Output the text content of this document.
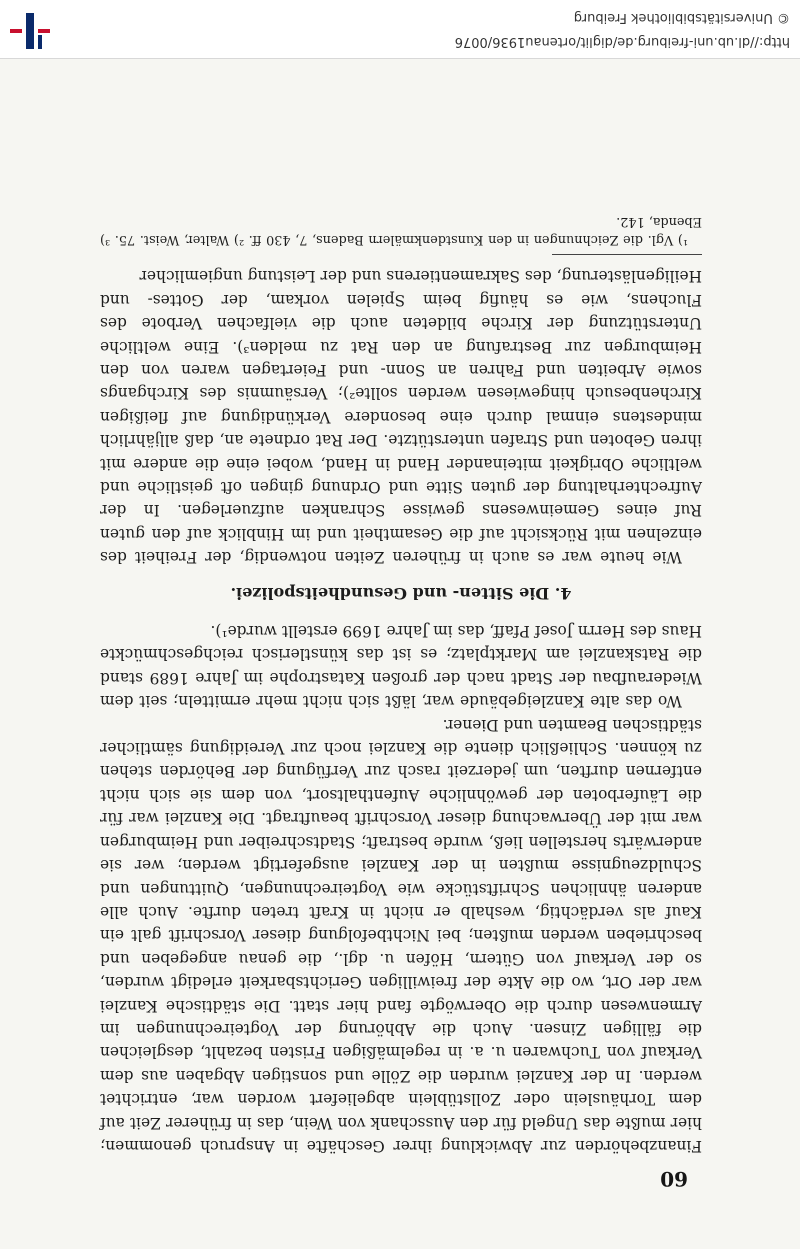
60

Finanzbehörden zur Abwicklung ihrer Geschäfte in Anspruch genommen; hier mußte das Ungeld für den Ausschank von Wein, das in früherer Zeit auf dem Torhäuslein oder Zollstüblein abgeliefert worden war, entrichtet werden. In der Kanzlei wurden die Zölle und sonstigen Abgaben aus dem Verkauf von Tuchwaren u. a. in regelmäßigen Fristen bezahlt, desgleichen die fälligen Zinsen. Auch die Abhörung der Vogteirechnungen im Armenwesen durch die Oberwögte fand hier statt. Die städtische Kanzlei war der Ort, wo die Akte der freiwilligen Gerichtsbarkeit erledigt wurden, so der Verkauf von Gütern, Höfen u. dgl., die genau angegeben und beschrieben werden mußten; bei Nichtbefolgung dieser Vorschrift galt ein Kauf als verdächtig, weshalb er nicht in Kraft treten durfte. Auch alle anderen ähnlichen Schriftstücke wie Vogteirechnungen, Quittungen und Schuldzeugnisse mußten in der Kanzlei ausgefertigt werden; wer sie anderwärts herstellen ließ, wurde bestraft; Stadtschreiber und Heimburgen war mit der Überwachung dieser Vorschrift beauftragt. Die Kanzlei war für die Läuferboten der gewöhnliche Aufenthaltsort, von dem sie sich nicht entfernen durften, um jederzeit rasch zur Verfügung der Behörden stehen zu können. Schließlich diente die Kanzlei noch zur Vereidigung sämtlicher städtischen Beamten und Diener.

Wo das alte Kanzleigebäude war, läßt sich nicht mehr ermitteln; seit dem Wiederaufbau der Stadt nach der großen Katastrophe im Jahre 1689 stand die Ratskanzlei am Marktplatz; es ist das künstlerisch reichgeschmückte Haus des Herrn Josef Pfaff, das im Jahre 1699 erstellt wurde¹).

4. Die Sitten- und Gesundheitspolizei.

Wie heute war es auch in früheren Zeiten notwendig, der Freiheit des einzelnen mit Rücksicht auf die Gesamtheit und im Hinblick auf den guten Ruf eines Gemeinwesens gewisse Schranken aufzuerlegen. In der Aufrechterhaltung der guten Sitte und Ordnung gingen oft geistliche und weltliche Obrigkeit miteinander Hand in Hand, wobei eine die andere mit ihren Geboten und Strafen unterstützte. Der Rat ordnete an, daß alljährlich mindestens einmal durch eine besondere Verkündigung auf fleißigen Kirchenbesuch hingewiesen werden sollte²); Versäumnis des Kirchgangs sowie Arbeiten und Fahren an Sonn- und Feiertagen waren von den Heimburgen zur Bestrafung an den Rat zu melden³). Eine weltliche Unterstützung der Kirche bildeten auch die vielfachen Verbote des Fluchens, wie es häufig beim Spielen vorkam, der Gottes- und Heiligenlästerung, des Sakramentierens und der Leistung ungiemlicher

¹) Vgl. die Zeichnungen in den Kunstdenkmälern Badens, 7, 430 ff. ²) Walter, Weist. 75. ³) Ebenda, 142.

http://dl.ub.uni-freiburg.de/diglit/ortenau1936/0076
© Universitätsbibliothek Freiburg
